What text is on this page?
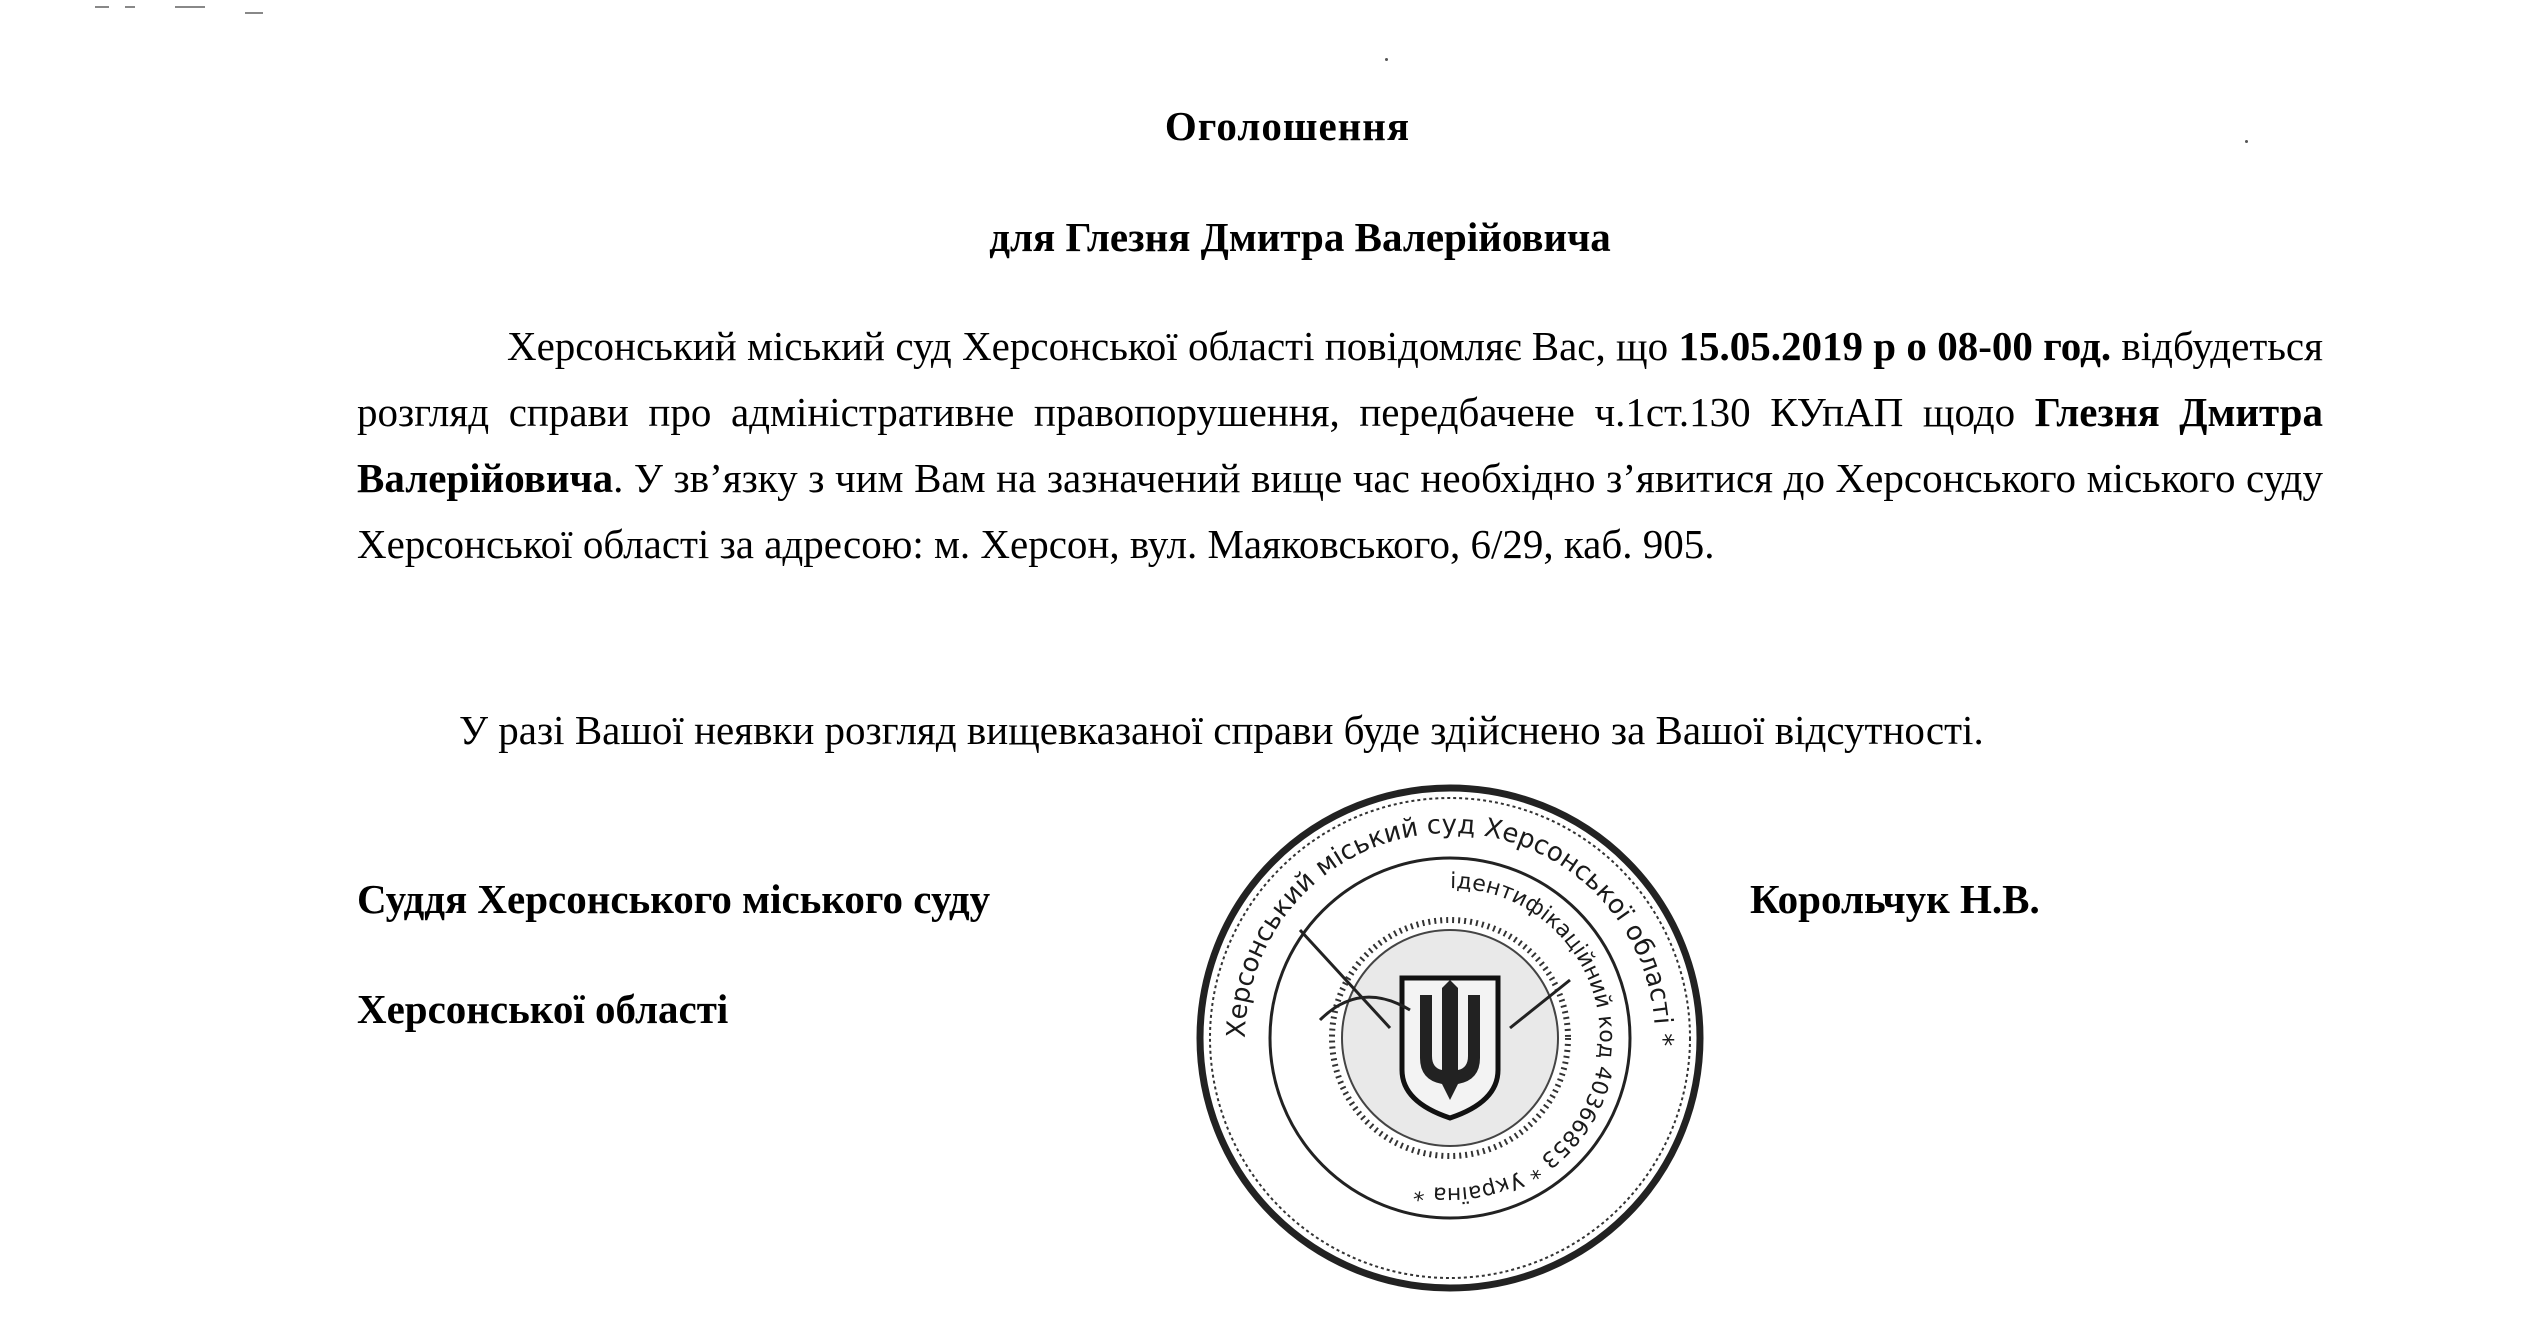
Оголошення
для Глезня Дмитра Валерійовича

Херсонський міський суд Херсонської області повідомляє Вас, що 15.05.2019 р о 08-00 год. відбудеться розгляд справи про адміністративне правопорушення, передбачене ч.1ст.130 КУпАП щодо Глезня Дмитра Валерійовича. У зв’язку з чим Вам на зазначений вище час необхідно з’явитися до Херсонського міського суду Херсонської області за адресою: м. Херсон, вул. Маяковського, 6/29, каб. 905.

У разі Вашої неявки розгляд вищевказаної справи буде здійснено за Вашої відсутності.

Суддя Херсонського міського суду
Херсонської області
Корольчук Н.В.
Херсонський міський суд Херсонської області *
ідентифікаційний код 40366853 * Україна *
